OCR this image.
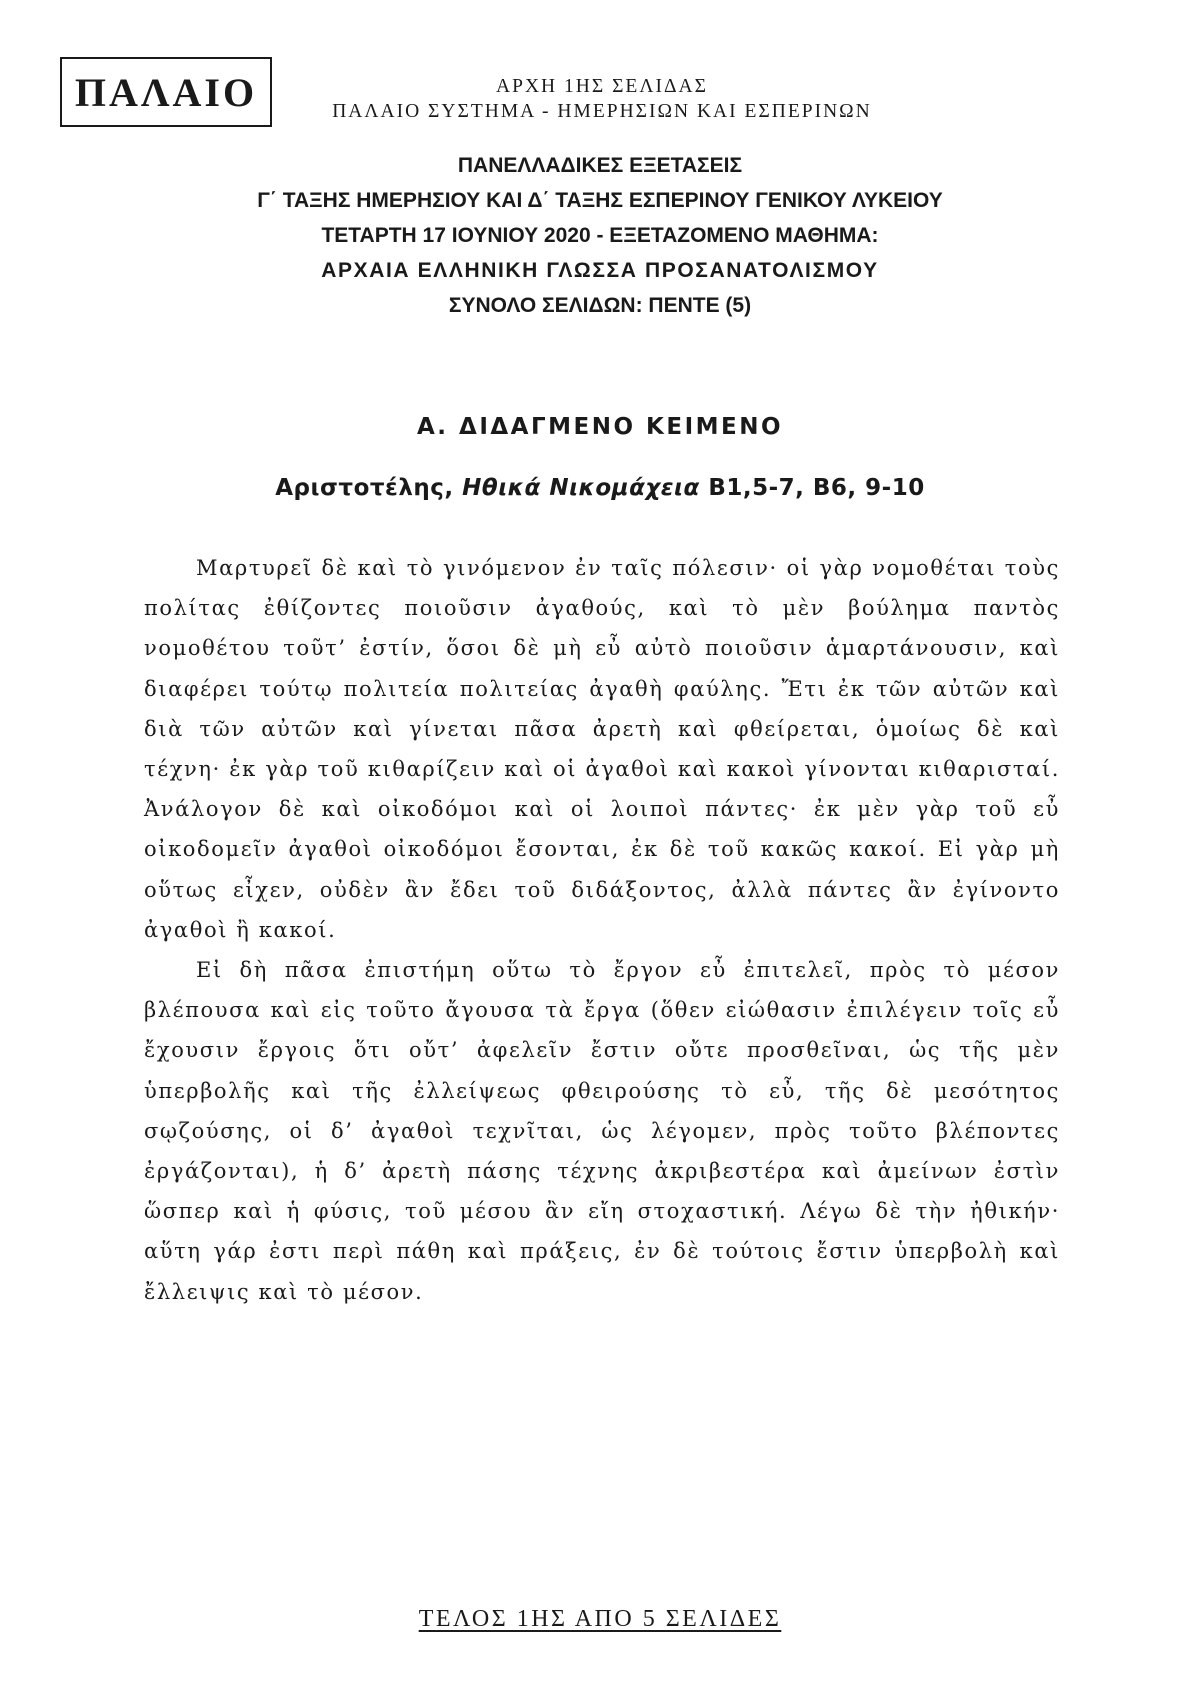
ΠΑΛΑΙΟ	ΑΡΧΗ 1ΗΣ ΣΕΛΙΔΑΣ
ΠΑΛΑΙΟ ΣΥΣΤΗΜΑ - ΗΜΕΡΗΣΙΩΝ ΚΑΙ ΕΣΠΕΡΙΝΩΝ
ΠΑΝΕΛΛΑΔΙΚΕΣ ΕΞΕΤΑΣΕΙΣ
Γ΄ ΤΑΞΗΣ ΗΜΕΡΗΣΙΟΥ ΚΑΙ Δ΄ ΤΑΞΗΣ ΕΣΠΕΡΙΝΟΥ ΓΕΝΙΚΟΥ ΛΥΚΕΙΟΥ
ΤΕΤΑΡΤΗ 17 ΙΟΥΝΙΟΥ 2020 - ΕΞΕΤΑΖΟΜΕΝΟ ΜΑΘΗΜΑ:
ΑΡΧΑΙΑ ΕΛΛΗΝΙΚΗ ΓΛΩΣΣΑ ΠΡΟΣΑΝΑΤΟΛΙΣΜΟΥ
ΣΥΝΟΛΟ ΣΕΛΙΔΩΝ: ΠΕΝΤΕ (5)
Α. ΔΙΔΑΓΜΕΝΟ ΚΕΙΜΕΝΟ
Αριστοτέλης, Ηθικά Νικομάχεια Β1,5-7, Β6, 9-10

Μαρτυρεῖ δὲ καὶ τὸ γινόμενον ἐν ταῖς πόλεσιν· οἱ γὰρ νομοθέται τοὺς πολίτας ἐθίζοντες ποιοῦσιν ἀγαθούς, καὶ τὸ μὲν βούλημα παντὸς νομοθέτου τοῦτ’ ἐστίν, ὅσοι δὲ μὴ εὖ αὐτὸ ποιοῦσιν ἁμαρτάνουσιν, καὶ διαφέρει τούτῳ πολιτεία πολιτείας ἀγαθὴ φαύλης. Ἔτι ἐκ τῶν αὐτῶν καὶ διὰ τῶν αὐτῶν καὶ γίνεται πᾶσα ἀρετὴ καὶ φθείρεται, ὁμοίως δὲ καὶ τέχνη· ἐκ γὰρ τοῦ κιθαρίζειν καὶ οἱ ἀγαθοὶ καὶ κακοὶ γίνονται κιθαρισταί. Ἀνάλογον δὲ καὶ οἰκοδόμοι καὶ οἱ λοιποὶ πάντες· ἐκ μὲν γὰρ τοῦ εὖ οἰκοδομεῖν ἀγαθοὶ οἰκοδόμοι ἔσονται, ἐκ δὲ τοῦ κακῶς κακοί. Εἰ γὰρ μὴ οὕτως εἶχεν, οὐδὲν ἂν ἔδει τοῦ διδάξοντος, ἀλλὰ πάντες ἂν ἐγίνοντο ἀγαθοὶ ἢ κακοί.

Εἰ δὴ πᾶσα ἐπιστήμη οὕτω τὸ ἔργον εὖ ἐπιτελεῖ, πρὸς τὸ μέσον βλέπουσα καὶ εἰς τοῦτο ἄγουσα τὰ ἔργα (ὅθεν εἰώθασιν ἐπιλέγειν τοῖς εὖ ἔχουσιν ἔργοις ὅτι οὔτ’ ἀφελεῖν ἔστιν οὔτε προσθεῖναι, ὡς τῆς μὲν ὑπερβολῆς καὶ τῆς ἐλλείψεως φθειρούσης τὸ εὖ, τῆς δὲ μεσότητος σῳζούσης, οἱ δ’ ἀγαθοὶ τεχνῖται, ὡς λέγομεν, πρὸς τοῦτο βλέποντες ἐργάζονται), ἡ δ’ ἀρετὴ πάσης τέχνης ἀκριβεστέρα καὶ ἀμείνων ἐστὶν ὥσπερ καὶ ἡ φύσις, τοῦ μέσου ἂν εἴη στοχαστική. Λέγω δὲ τὴν ἠθικήν· αὕτη γάρ ἐστι περὶ πάθη καὶ πράξεις, ἐν δὲ τούτοις ἔστιν ὑπερβολὴ καὶ ἔλλειψις καὶ τὸ μέσον.

ΤΕΛΟΣ 1ΗΣ ΑΠΟ 5 ΣΕΛΙΔΕΣ
